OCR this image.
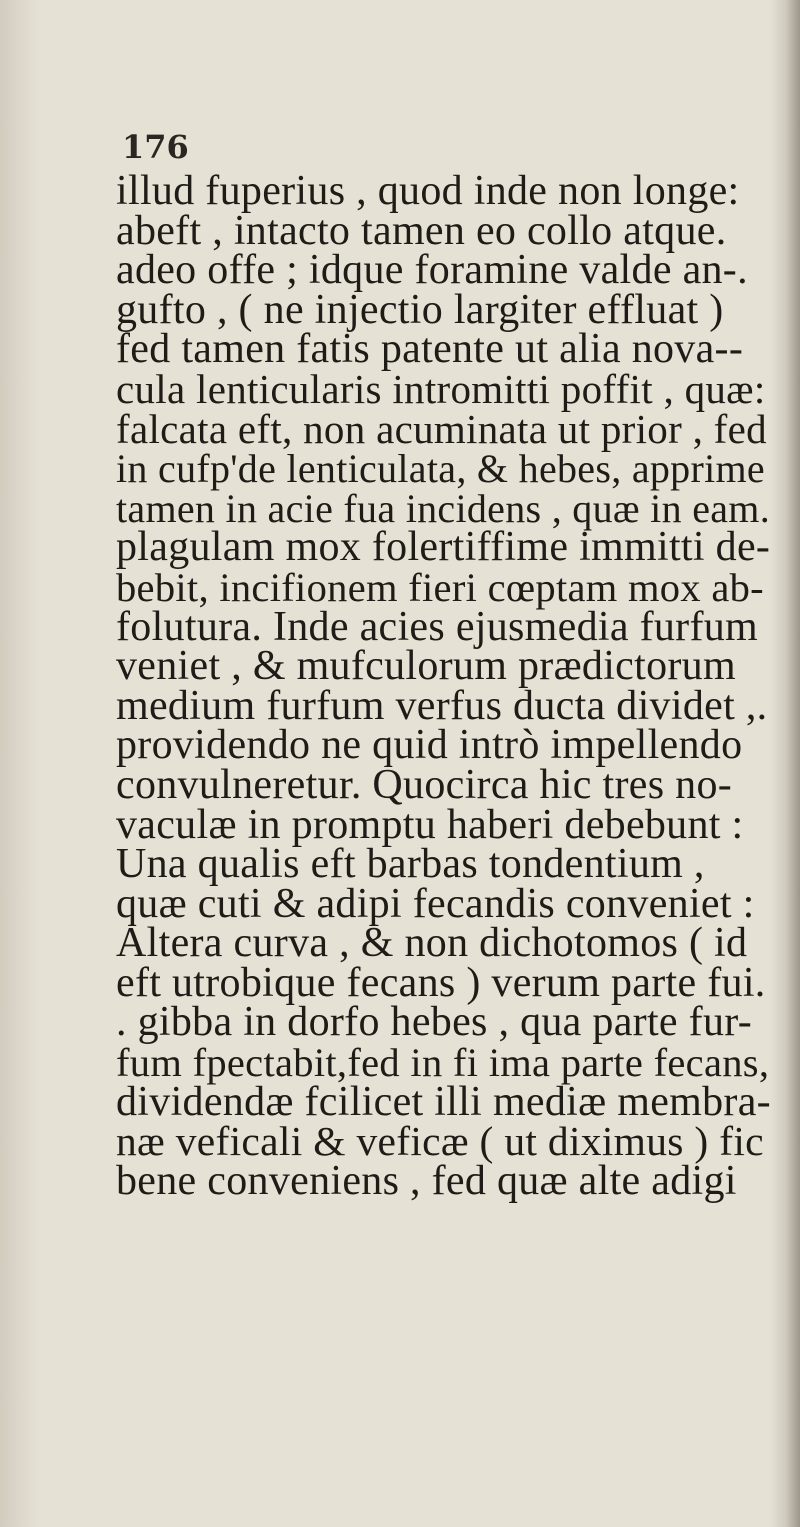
176

illud fuperius , quod inde non longe:
abeft , intacto tamen eo collo atque.
adeo offe ; idque foramine valde an-.
gufto , ( ne injectio largiter effluat )
fed tamen fatis patente ut alia nova--
cula lenticularis intromitti poffit , quæ:
falcata eft, non acuminata ut prior , fed
in cufp'de lenticulata, & hebes, apprime
tamen in acie fua incidens , quæ in eam.
plagulam mox folertiffime immitti de-
bebit, incifionem fieri cœptam mox ab-
folutura. Inde acies ejusmedia furfum
veniet , & mufculorum prædictorum
medium furfum verfus ducta dividet ,.
providendo ne quid intrò impellendo
convulneretur. Quocirca hic tres no-
vaculæ in promptu haberi debebunt :
Una qualis eft barbas tondentium ,
quæ cuti & adipi fecandis conveniet :
Altera curva , & non dichotomos ( id
eft utrobique fecans ) verum parte fui.
. gibba in dorfo hebes , qua parte fur-
fum fpectabit,fed in fi ima parte fecans,
dividendæ fcilicet illi mediæ membra-
næ veficali & veficæ ( ut diximus ) fic
bene conveniens , fed quæ alte adigi
